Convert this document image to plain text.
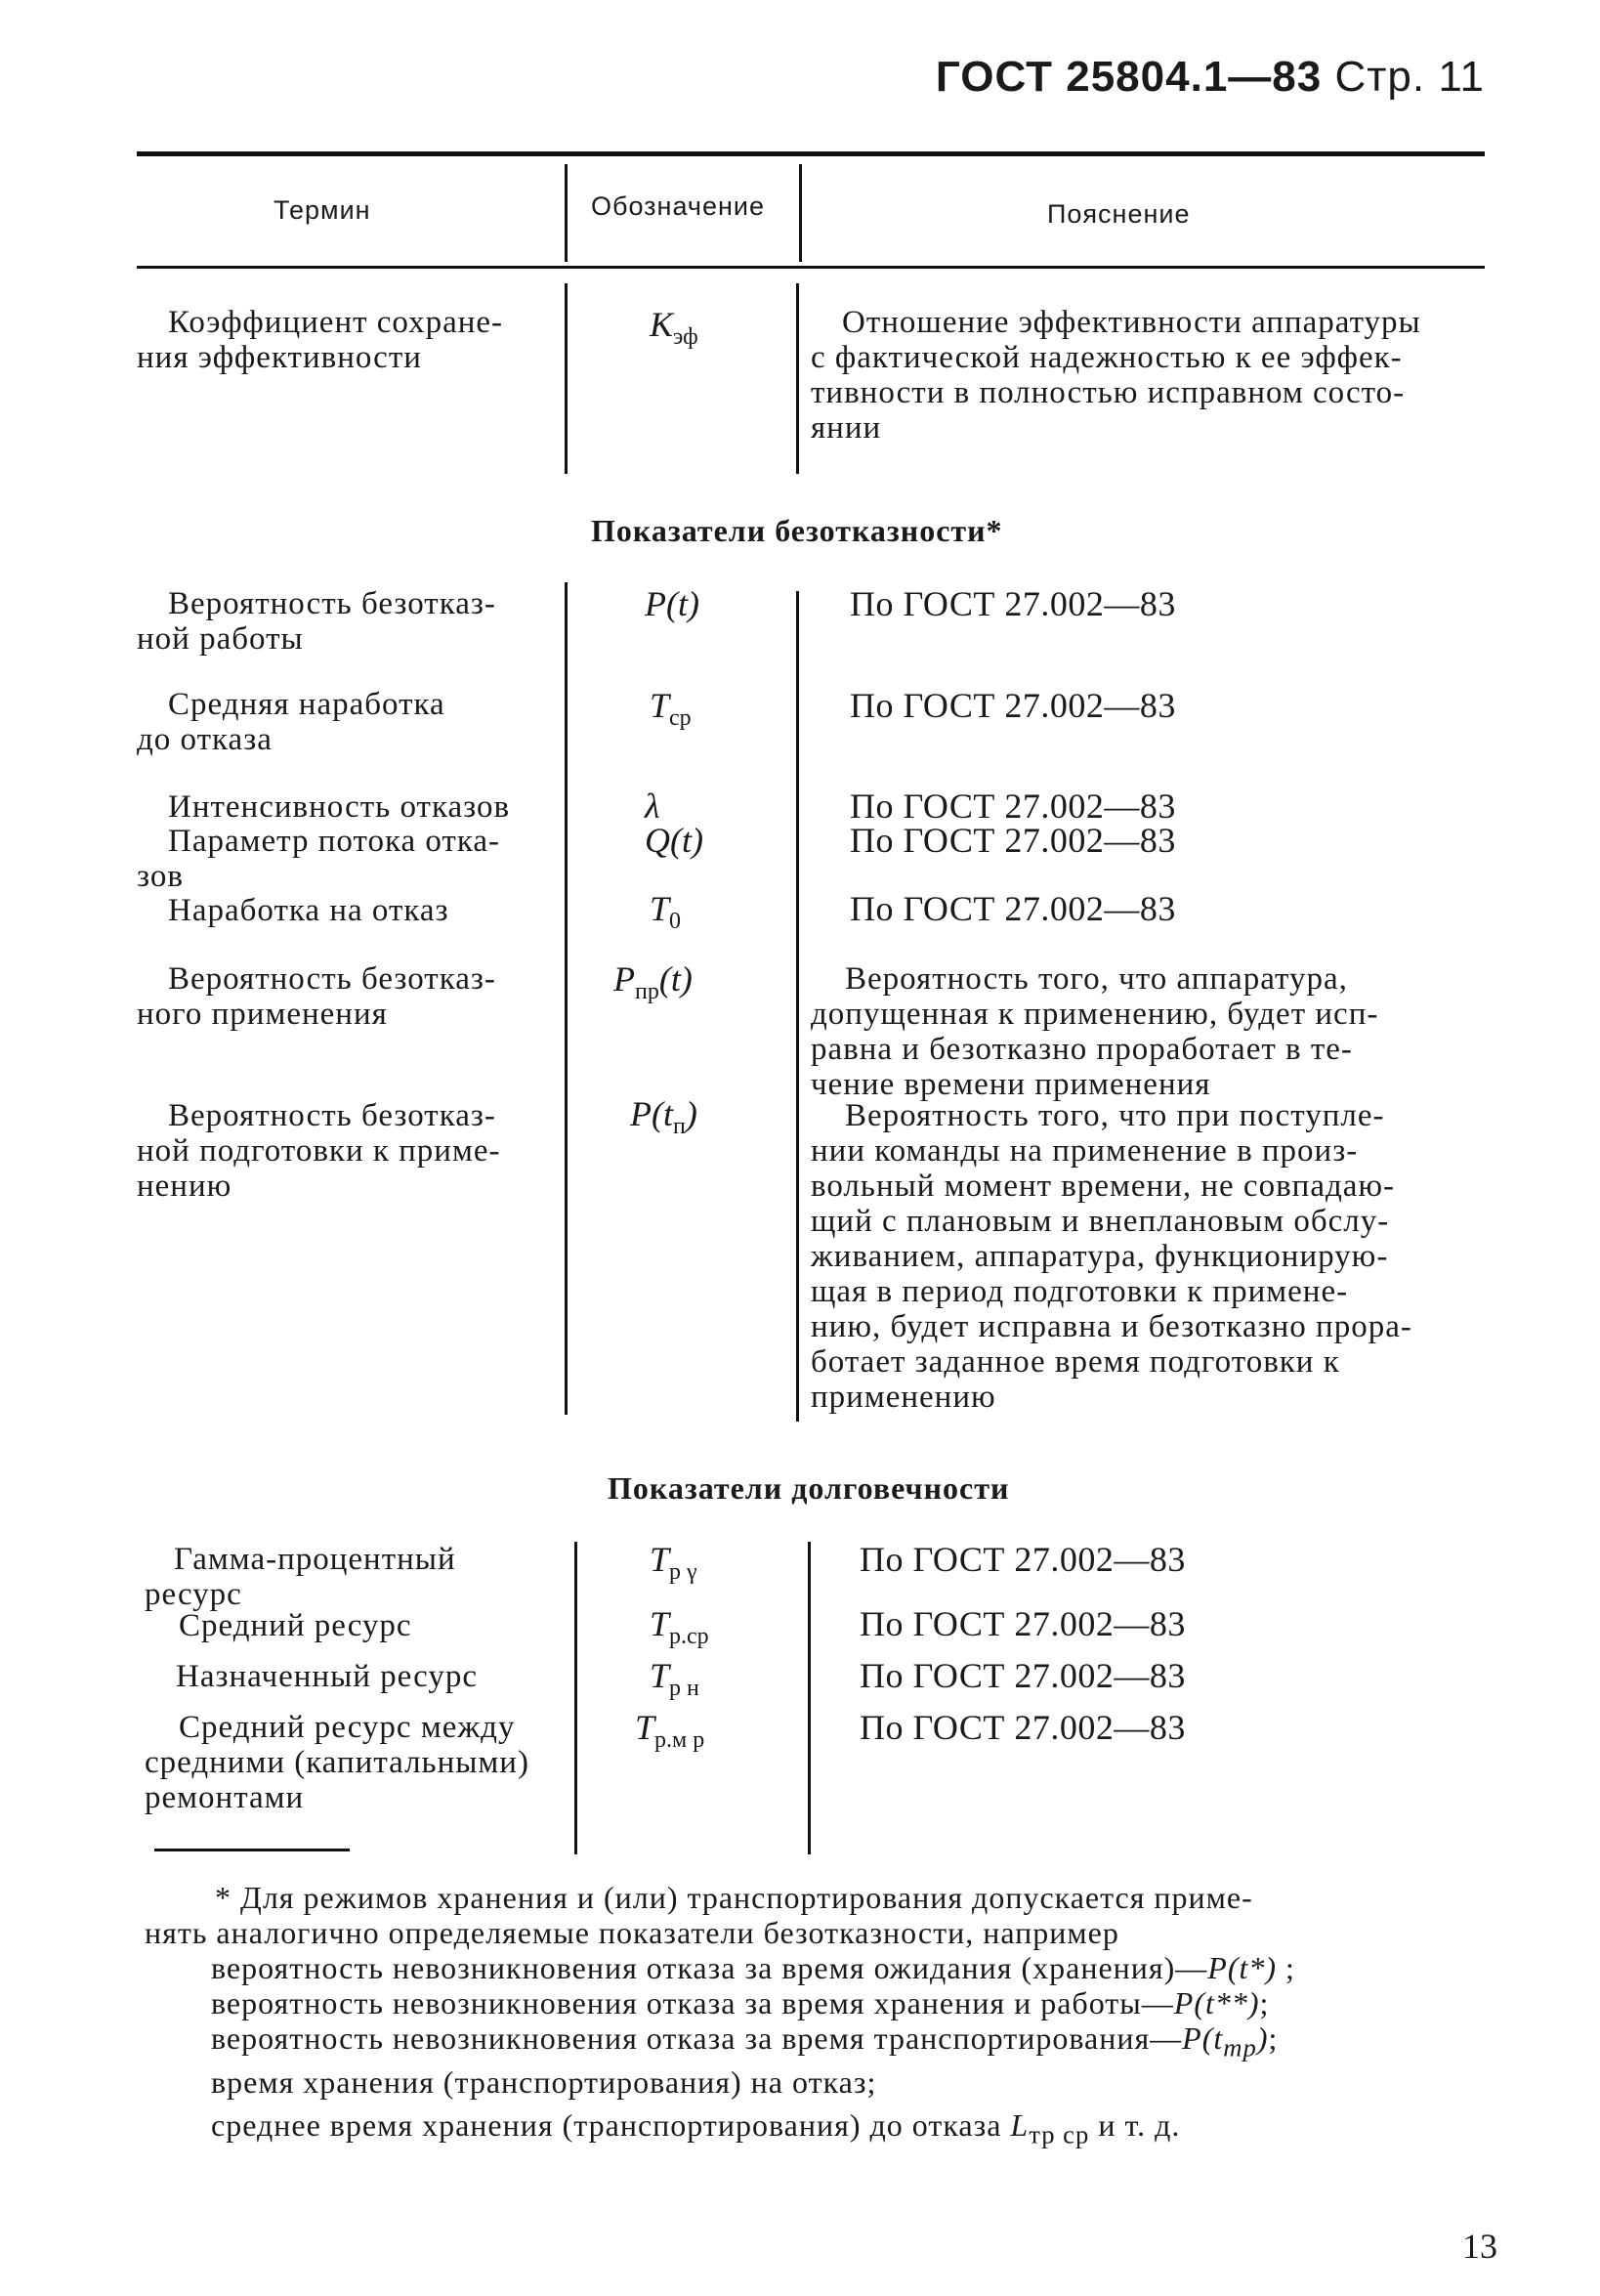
ГОСТ 25804.1—83 Стр. 11
Термин	Обозначение	Пояснение
Коэффициент сохране-
ния эффективности
$K_{эф}$	Отношение эффективности аппаратуры
с фактической надежностью к ее эффек-
тивности в полностью исправном состо-
янии
Показатели безотказности*
Вероятность безотказ-
ной работы
P(t)	По ГОСТ 27.002—83
Средняя наработка
до отказа
$T_{ср}$	По ГОСТ 27.002—83
Интенсивность отказов	λ	По ГОСТ 27.002—83
Параметр потока отка-
зов
Q(t)	По ГОСТ 27.002—83
Наработка на отказ	$T_0$	По ГОСТ 27.002—83
Вероятность безотказ-
ного применения
$P_{пр}(t)$	Вероятность того, что аппаратура,
допущенная к применению, будет исп-
равна и безотказно проработает в те-
чение времени применения
Вероятность безотказ-
ной подготовки к приме-
нению
$P(t_п)$	Вероятность того, что при поступле-
нии команды на применение в произ-
вольный момент времени, не совпадаю-
щий с плановым и внеплановым обслу-
живанием, аппаратура, функционирую-
щая в период подготовки к примене-
нию, будет исправна и безотказно прора-
ботает заданное время подготовки к
применению
Показатели долговечности
Гамма-процентный
ресурс
$T_{р \gamma}$	По ГОСТ 27.002—83
Средний ресурс	$T_{р.ср}$	По ГОСТ 27.002—83
Назначенный ресурс	$T_{р н}$	По ГОСТ 27.002—83
Средний ресурс между
средними (капитальными)
ремонтами
$T_{р.м р}$	По ГОСТ 27.002—83
* Для режимов хранения и (или) транспортирования допускается приме-
нять аналогично определяемые показатели безотказности, например
вероятность невозникновения отказа за время ожидания (хранения)—P(t*) ;
вероятность невозникновения отказа за время хранения и работы—P(t**);
вероятность невозникновения отказа за время $транспортирования—P(t_{тр})$;
время хранения (транспортирования) на отказ;
среднее время хранения (транспортирования) до отказа $L_{тр ср}$ и т. д.
13
